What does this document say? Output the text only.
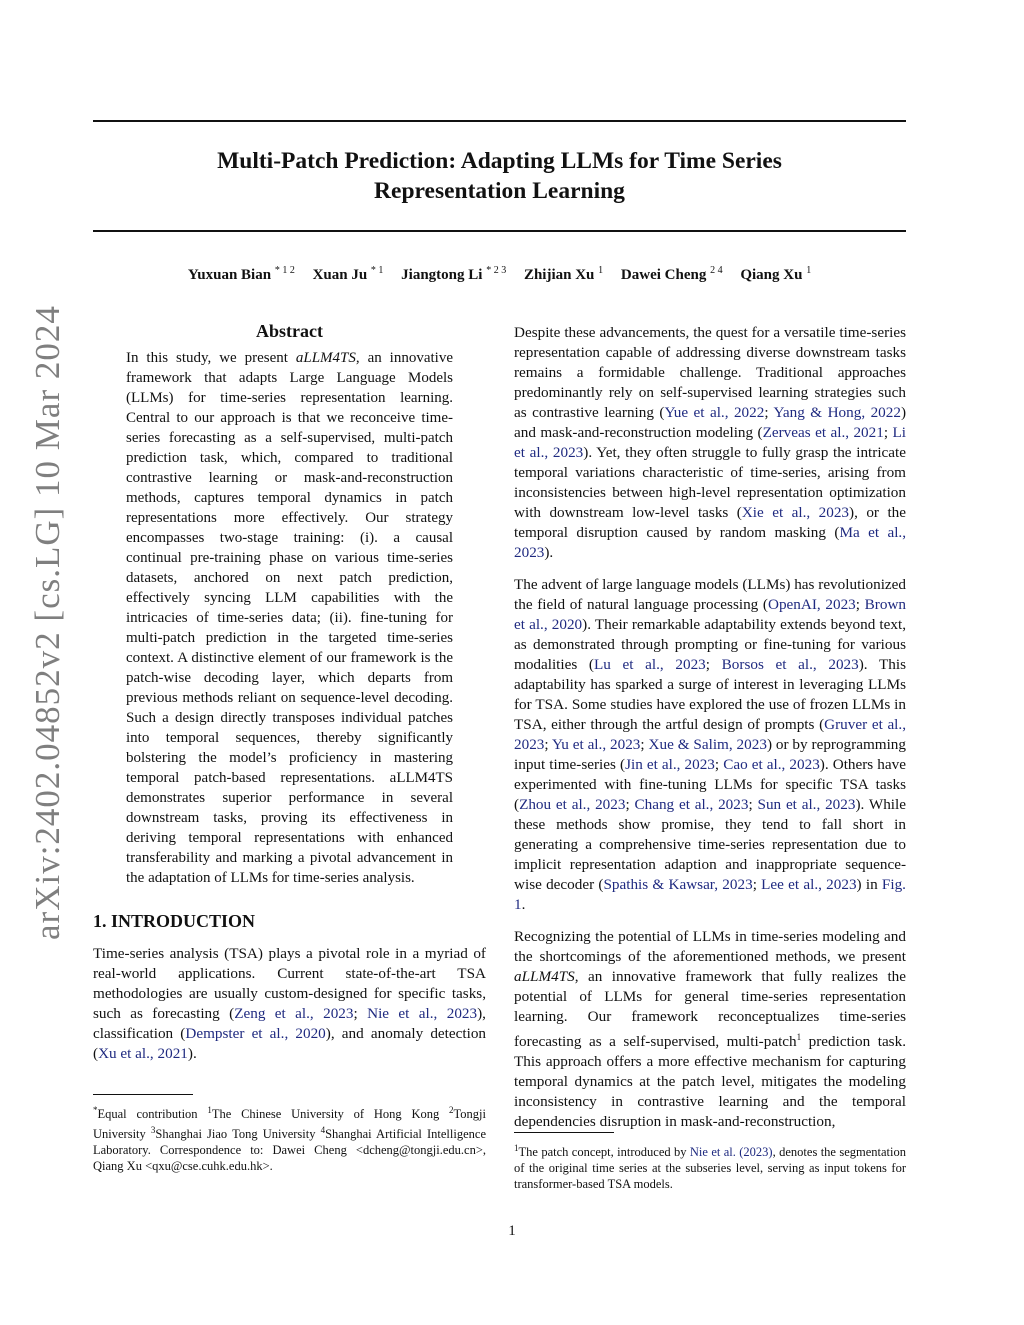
Multi-Patch Prediction: Adapting LLMs for Time Series
Representation Learning
Yuxuan Bian $^{* 1 2}$ Xuan Ju $^{* 1}$ Jiangtong Li $^{* 2 3}$ Zhijian Xu $^1$ Dawei Cheng $^{2 4}$ Qiang Xu $^1$
arXiv:2402.04852v2 [cs.LG] 10 Mar 2024	Abstract

In this study, we present aLLM4TS, an innovative framework that adapts Large Language Models (LLMs) for time-series representation learning. Central to our approach is that we reconceive time-series forecasting as a self-supervised, multi-patch prediction task, which, compared to traditional contrastive learning or mask-and-reconstruction methods, captures temporal dynamics in patch representations more effectively. Our strategy encompasses two-stage training: (i). a causal continual pre-training phase on various time-series datasets, anchored on next patch prediction, effectively syncing LLM capabilities with the intricacies of time-series data; (ii). fine-tuning for multi-patch prediction in the targeted time-series context. A distinctive element of our framework is the patch-wise decoding layer, which departs from previous methods reliant on sequence-level decoding. Such a design directly transposes individual patches into temporal sequences, thereby significantly bolstering the model’s proficiency in mastering temporal patch-based representations. aLLM4TS demonstrates superior performance in several downstream tasks, proving its effectiveness in deriving temporal representations with enhanced transferability and marking a pivotal advancement in the adaptation of LLMs for time-series analysis.

1. INTRODUCTION

Time-series analysis (TSA) plays a pivotal role in a myriad of real-world applications. Current state-of-the-art TSA methodologies are usually custom-designed for specific tasks, such as forecasting (Zeng et al., 2023; Nie et al., 2023), classification (Dempster et al., 2020), and anomaly detection (Xu et al., 2021).

*Equal contribution $^1$The Chinese University of Hong Kong $^2$Tongji University $^3$Shanghai Jiao Tong University $^4$Shanghai Artificial Intelligence Laboratory. Correspondence to: Dawei Cheng <dcheng@tongji.edu.cn>, Qiang Xu <qxu@cse.cuhk.edu.hk>.

Despite these advancements, the quest for a versatile time-series representation capable of addressing diverse downstream tasks remains a formidable challenge. Traditional approaches predominantly rely on self-supervised learning strategies such as contrastive learning (Yue et al., 2022; Yang & Hong, 2022) and mask-and-reconstruction modeling (Zerveas et al., 2021; Li et al., 2023). Yet, they often struggle to fully grasp the intricate temporal variations characteristic of time-series, arising from inconsistencies between high-level representation optimization with downstream low-level tasks (Xie et al., 2023), or the temporal disruption caused by random masking (Ma et al., 2023).

The advent of large language models (LLMs) has revolutionized the field of natural language processing (OpenAI, 2023; Brown et al., 2020). Their remarkable adaptability extends beyond text, as demonstrated through prompting or fine-tuning for various modalities (Lu et al., 2023; Borsos et al., 2023). This adaptability has sparked a surge of interest in leveraging LLMs for TSA. Some studies have explored the use of frozen LLMs in TSA, either through the artful design of prompts (Gruver et al., 2023; Yu et al., 2023; Xue & Salim, 2023) or by reprogramming input time-series (Jin et al., 2023; Cao et al., 2023). Others have experimented with fine-tuning LLMs for specific TSA tasks (Zhou et al., 2023; Chang et al., 2023; Sun et al., 2023). While these methods show promise, they tend to fall short in generating a comprehensive time-series representation due to implicit representation adaption and inappropriate sequence-wise decoder (Spathis & Kawsar, 2023; Lee et al., 2023) in Fig. 1.

Recognizing the potential of LLMs in time-series modeling and the shortcomings of the aforementioned methods, we present aLLM4TS, an innovative framework that fully realizes the potential of LLMs for general time-series representation learning. Our framework reconceptualizes time-series forecasting as a self-supervised, multi-patch$^1$ prediction task. This approach offers a more effective mechanism for capturing temporal dynamics at the patch level, mitigates the modeling inconsistency in contrastive learning and the temporal dependencies disruption in mask-and-reconstruction,

$^1$The patch concept, introduced by Nie et al. (2023), denotes the segmentation of the original time series at the subseries level, serving as input tokens for transformer-based TSA models.

1
